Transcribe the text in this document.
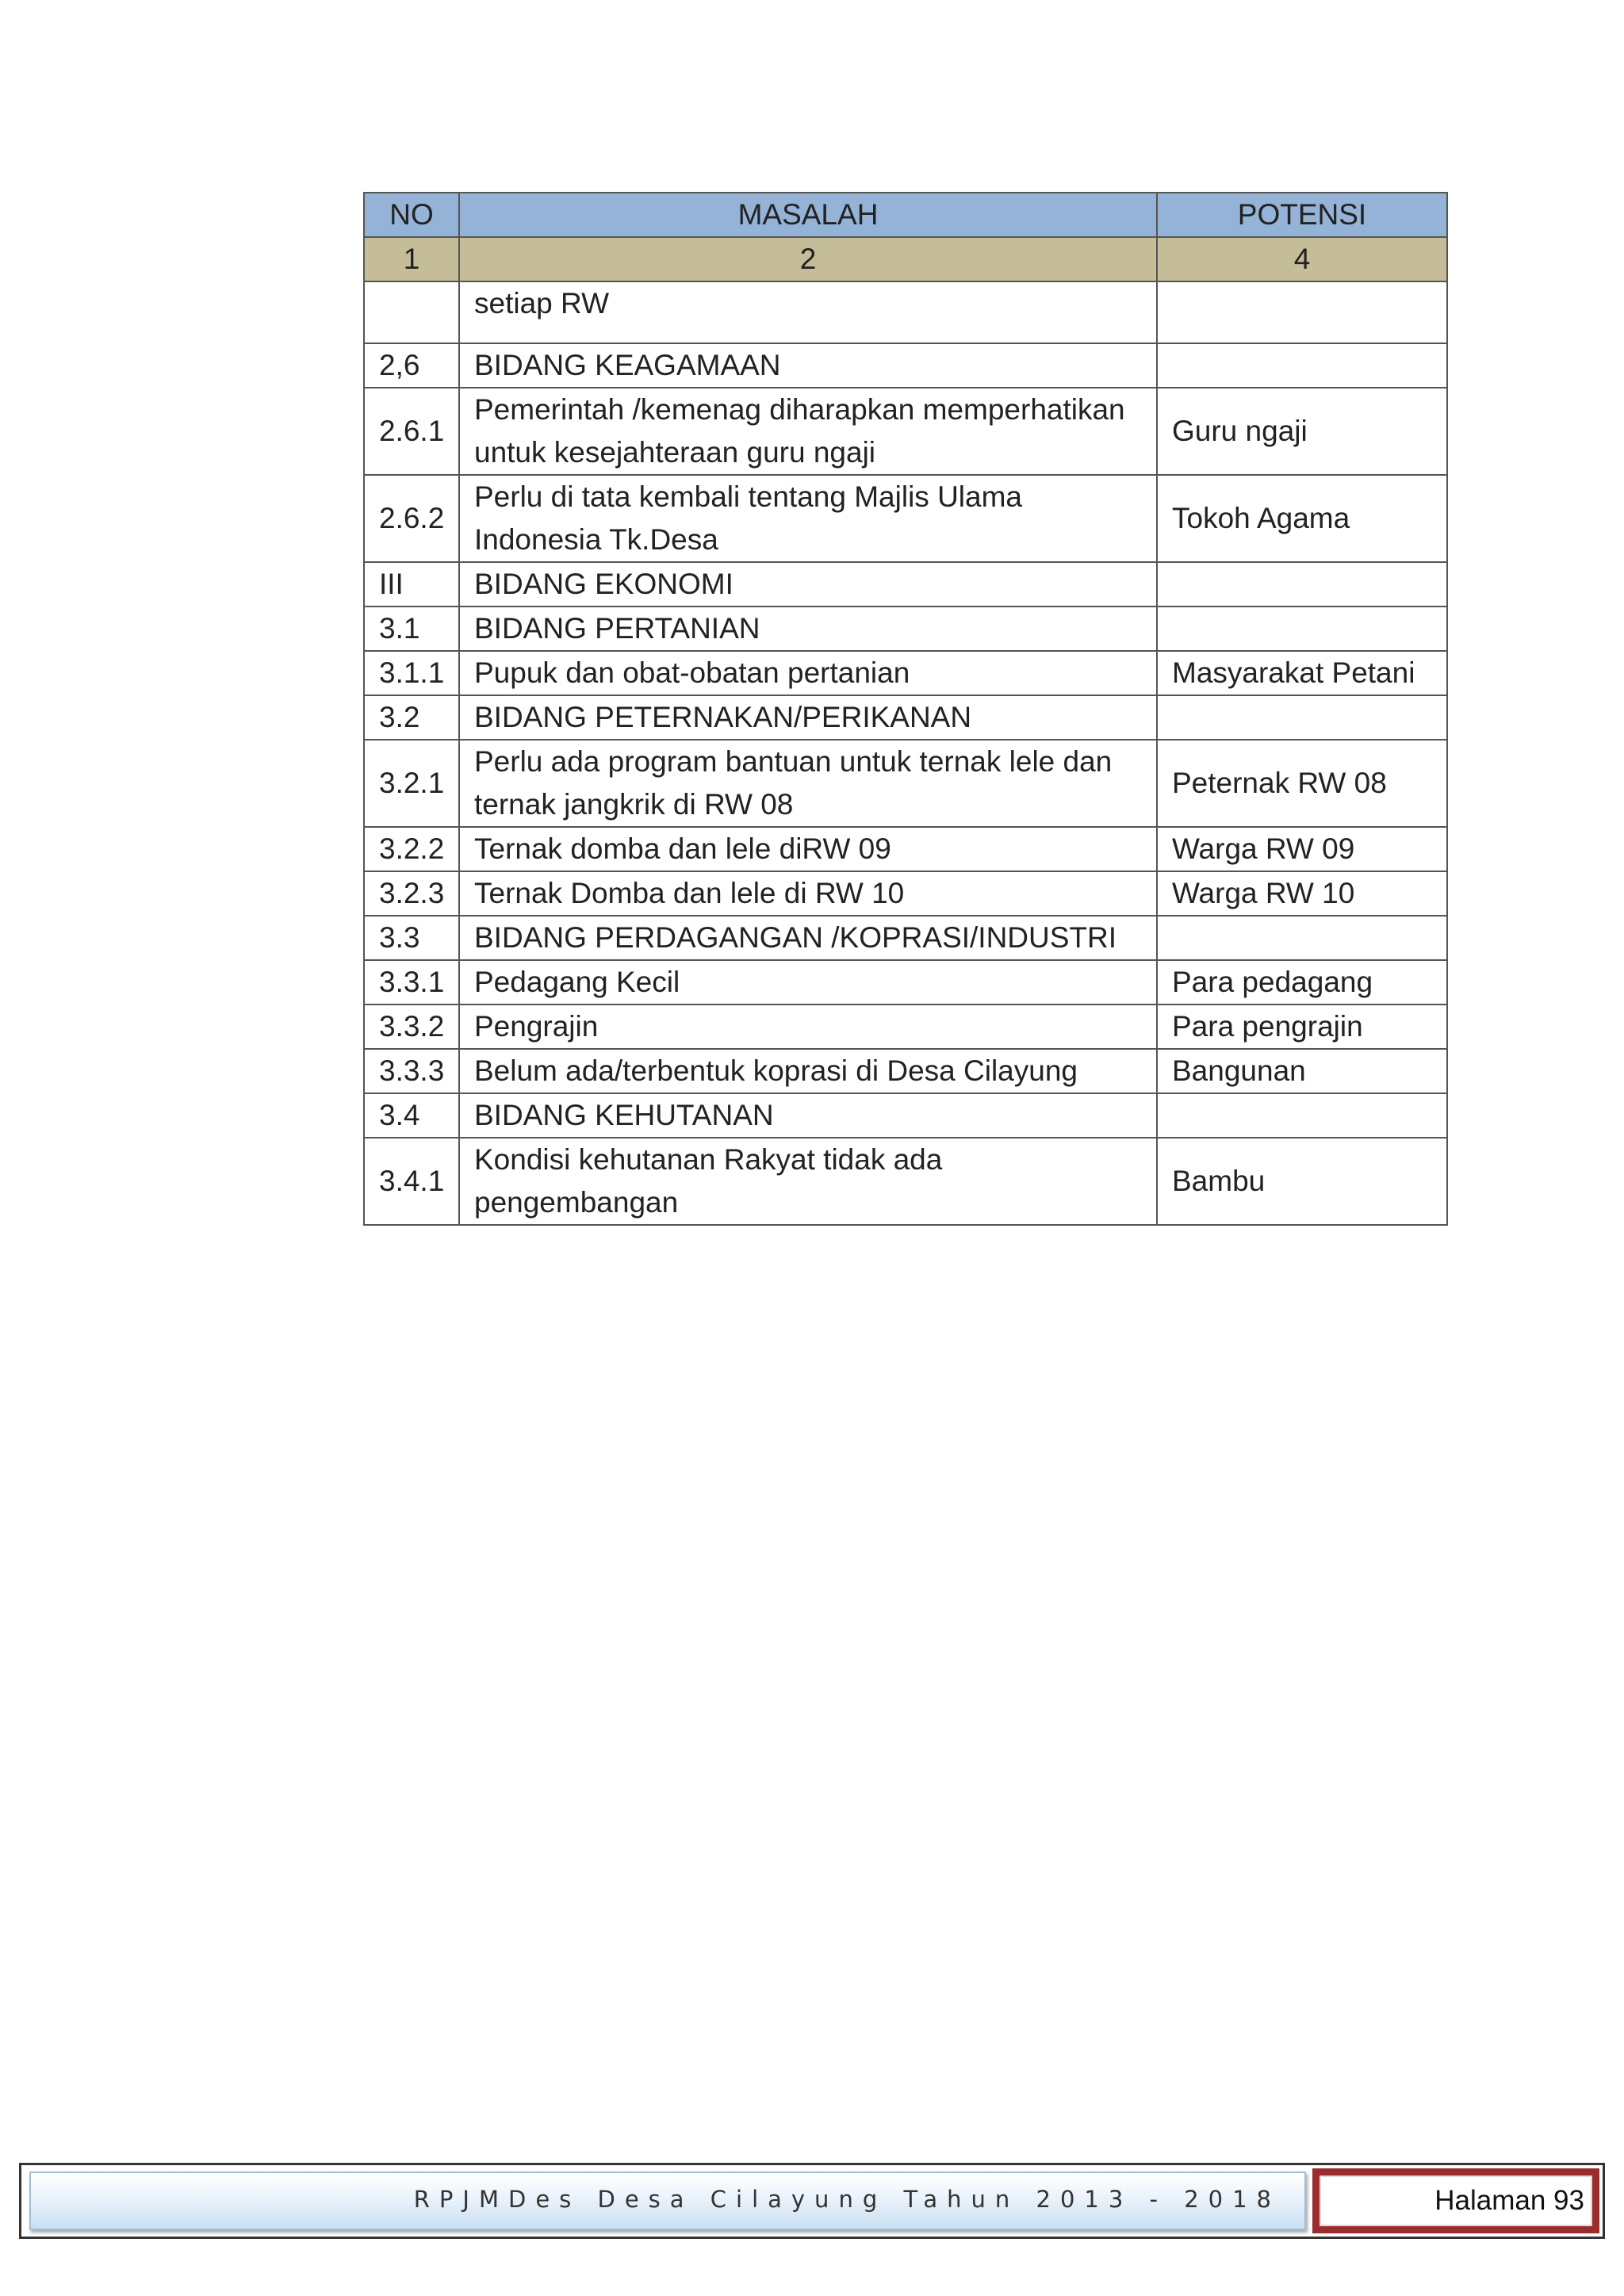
NO	MASALAH	POTENSI
1	2	4
	setiap RW	
2,6	BIDANG KEAGAMAAN	
2.6.1	Pemerintah /kemenag diharapkan memperhatikan untuk kesejahteraan guru ngaji	Guru ngaji
2.6.2	Perlu di tata kembali tentang Majlis Ulama Indonesia Tk.Desa	Tokoh Agama
III	BIDANG EKONOMI	
3.1	BIDANG PERTANIAN	
3.1.1	Pupuk dan obat-obatan pertanian	Masyarakat Petani
3.2	BIDANG PETERNAKAN/PERIKANAN	
3.2.1	Perlu ada program bantuan untuk ternak lele dan ternak jangkrik di RW 08	Peternak RW 08
3.2.2	Ternak domba dan lele diRW 09	Warga RW 09
3.2.3	Ternak Domba dan lele di RW 10	Warga RW 10
3.3	BIDANG PERDAGANGAN /KOPRASI/INDUSTRI	
3.3.1	Pedagang Kecil	Para pedagang
3.3.2	Pengrajin	Para pengrajin
3.3.3	Belum ada/terbentuk koprasi di Desa Cilayung	Bangunan
3.4	BIDANG KEHUTANAN	
3.4.1	Kondisi kehutanan Rakyat tidak ada pengembangan	Bambu
RPJMDes Desa Cilayung Tahun 2013 - 2018	Halaman 93
